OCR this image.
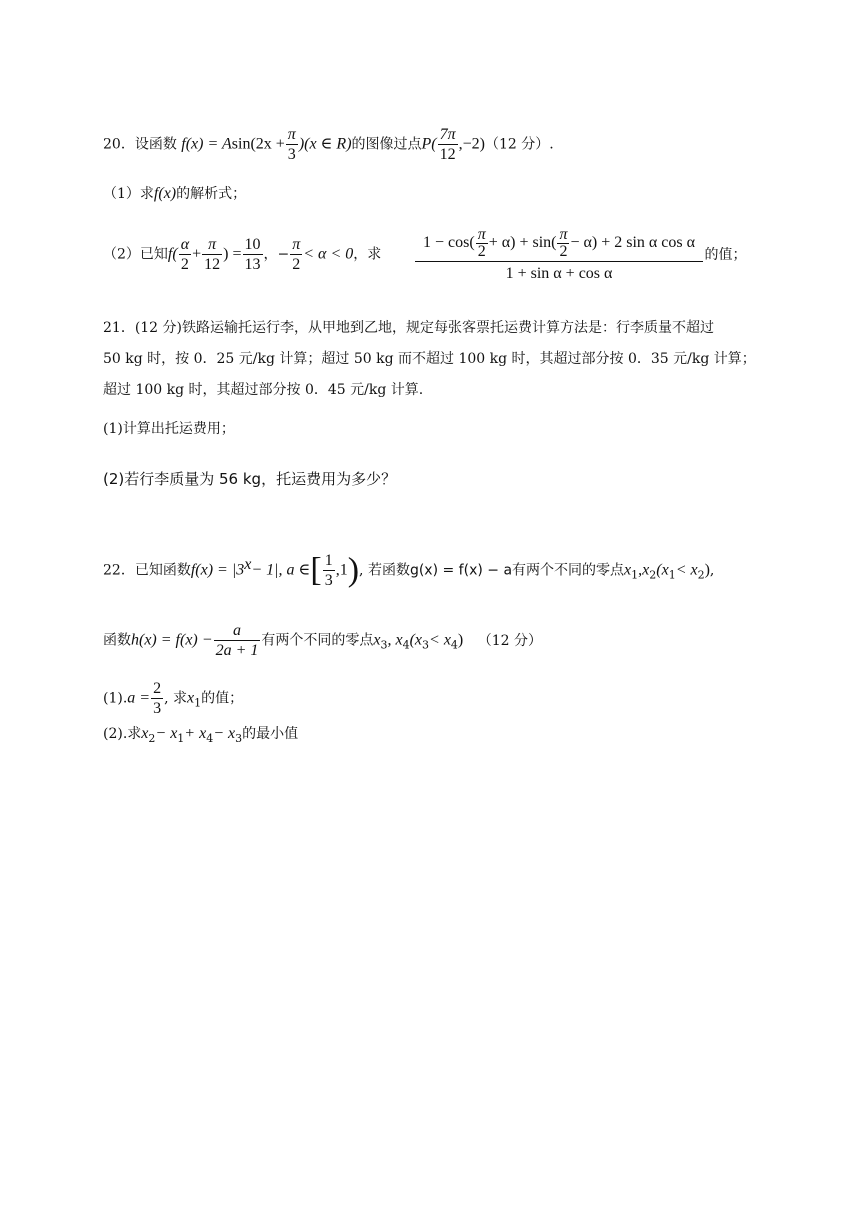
20．设函数 $f(x) = Asin(2x + \frac{\pi}{3} )(x$ ∈ R)的图像过点$P( \frac{7\pi}{12} ,-2)(12$ 分）.
（1）求f(x)的解析式；
（2）已知$f( \frac{\alpha}{2} + \frac{\pi}{12}$ ) = $\frac{10}{13}$ ，− $\frac{\pi}{2} < \alpha < 0$，求 $\frac{1 - \cos( \frac{\pi}{2} + \alpha) + \sin( \frac{\pi}{2} - \alpha) + 2 \sin \alpha \cos \alpha}{\text{1 + sin α + cos α}}$ 的值；
21．(12 分)铁路运输托运行李，从甲地到乙地，规定每张客票托运费计算方法是：行李质量不超过
50 kg 时，按 0．25 元/kg 计算；超过 50 kg 而不超过 100 kg 时，其超过部分按 0．35 元/kg 计算；
超过 100 kg 时，其超过部分按 0．45 元/kg 计算.
(1)计算出托运费用；
(2)若行李质量为 56 kg，托运费用为多少？
22．已知函数$f(x) = |3^x- 1|$, a ∈[ $\frac{1}{3} ,1$), 若函数g(x) = f(x) − a有两个不同的零点$x_1,x_2(x_1< x_2)$,
函数$h(x) = f(x) - \frac{a}{2a + 1}$ 有两个不同的零点$x_3$, $x_4(x_3< x_4)$ （12 分）
$(1).a = \frac{2}{3}$ , 求$x_1$的值；
(2).求$x_2- x_1+ x_4- x_3$的最小值
